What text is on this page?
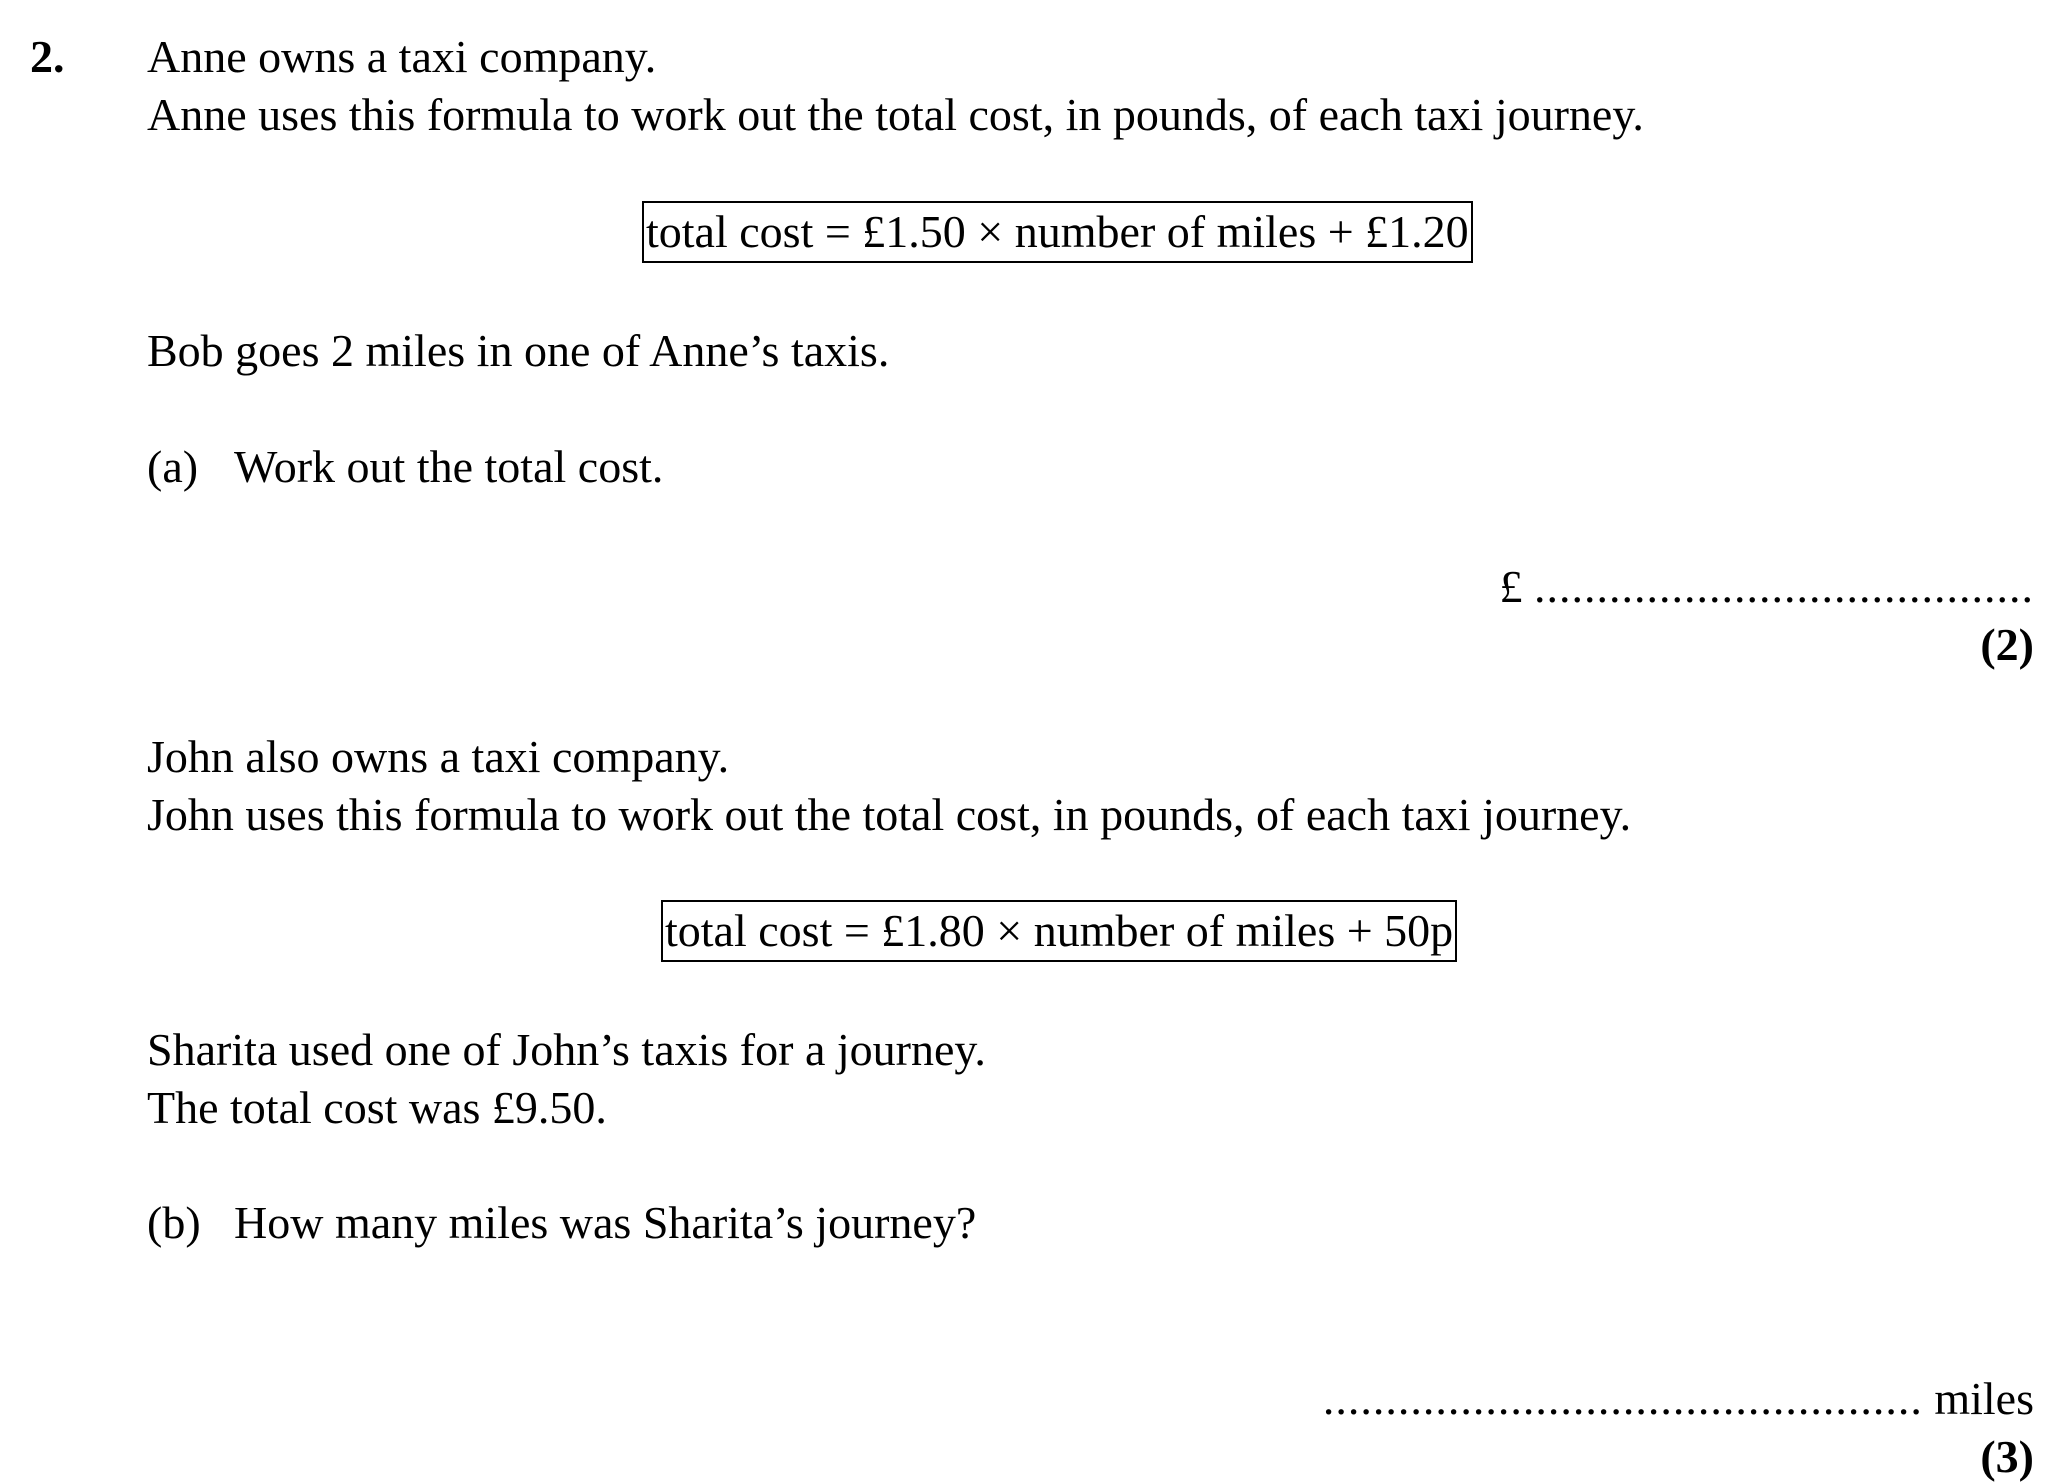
2. Anne owns a taxi company.
Anne uses this formula to work out the total cost, in pounds, of each taxi journey.
total cost = £1.50 × number of miles + £1.20
Bob goes 2 miles in one of Anne’s taxis.
(a) Work out the total cost.
£ ........................................
(2)
John also owns a taxi company.
John uses this formula to work out the total cost, in pounds, of each taxi journey.
total cost = £1.80 × number of miles + 50p
Sharita used one of John’s taxis for a journey.
The total cost was £9.50.
(b) How many miles was Sharita’s journey?
................................................ miles
(3)
